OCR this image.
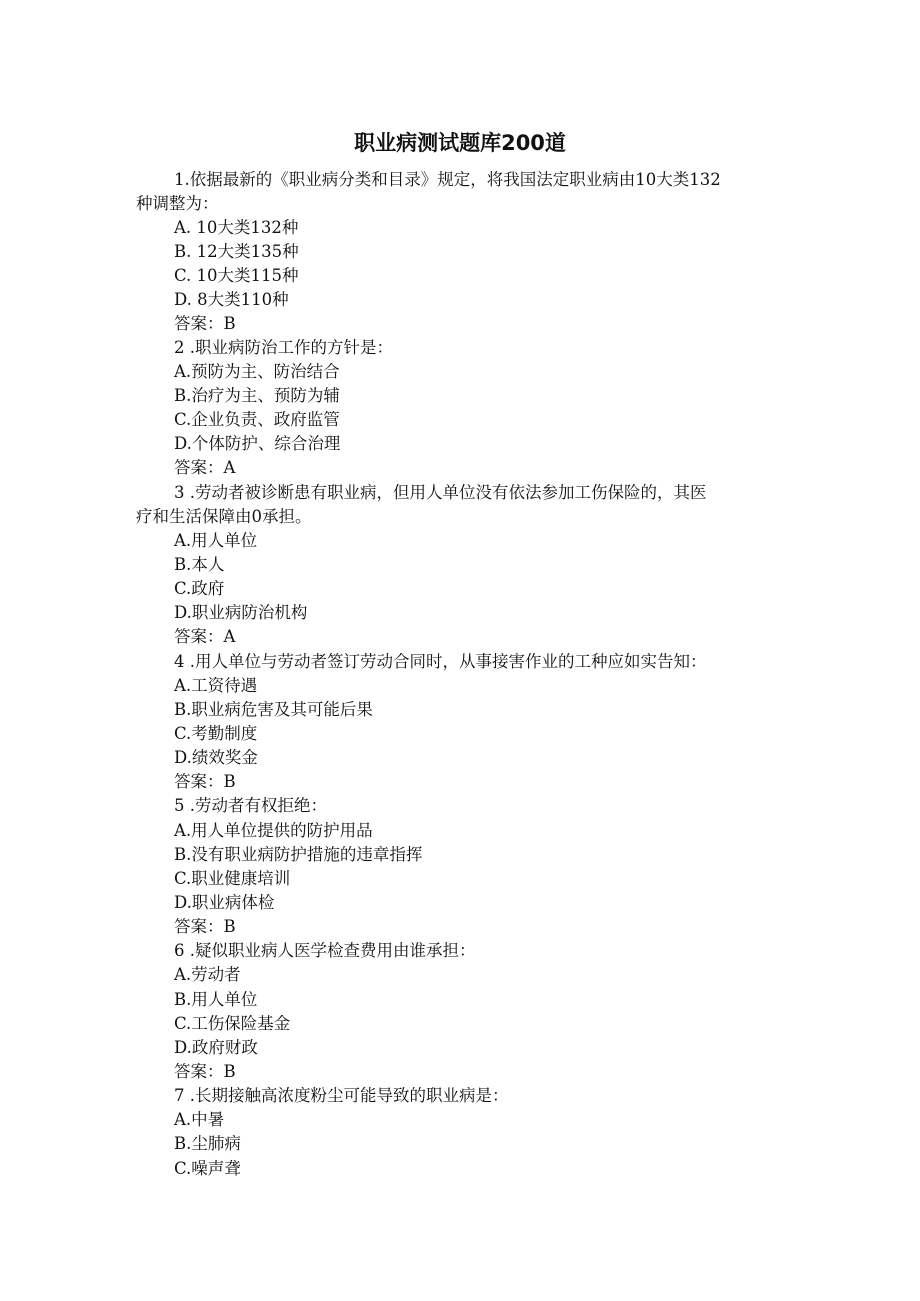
职业病测试题库200道
1.依据最新的《职业病分类和目录》规定，将我国法定职业病由10大类132
种调整为：
A. 10大类132种
B. 12大类135种
C. 10大类115种
D. 8大类110种
答案：B
2 .职业病防治工作的方针是：
A.预防为主、防治结合
B.治疗为主、预防为辅
C.企业负责、政府监管
D.个体防护、综合治理
答案：A
3 .劳动者被诊断患有职业病，但用人单位没有依法参加工伤保险的，其医
疗和生活保障由0承担。
A.用人单位
B.本人
C.政府
D.职业病防治机构
答案：A
4 .用人单位与劳动者签订劳动合同时，从事接害作业的工种应如实告知：
A.工资待遇
B.职业病危害及其可能后果
C.考勤制度
D.绩效奖金
答案：B
5 .劳动者有权拒绝：
A.用人单位提供的防护用品
B.没有职业病防护措施的违章指挥
C.职业健康培训
D.职业病体检
答案：B
6 .疑似职业病人医学检查费用由谁承担：
A.劳动者
B.用人单位
C.工伤保险基金
D.政府财政
答案：B
7 .长期接触高浓度粉尘可能导致的职业病是：
A.中暑
B.尘肺病
C.噪声聋
